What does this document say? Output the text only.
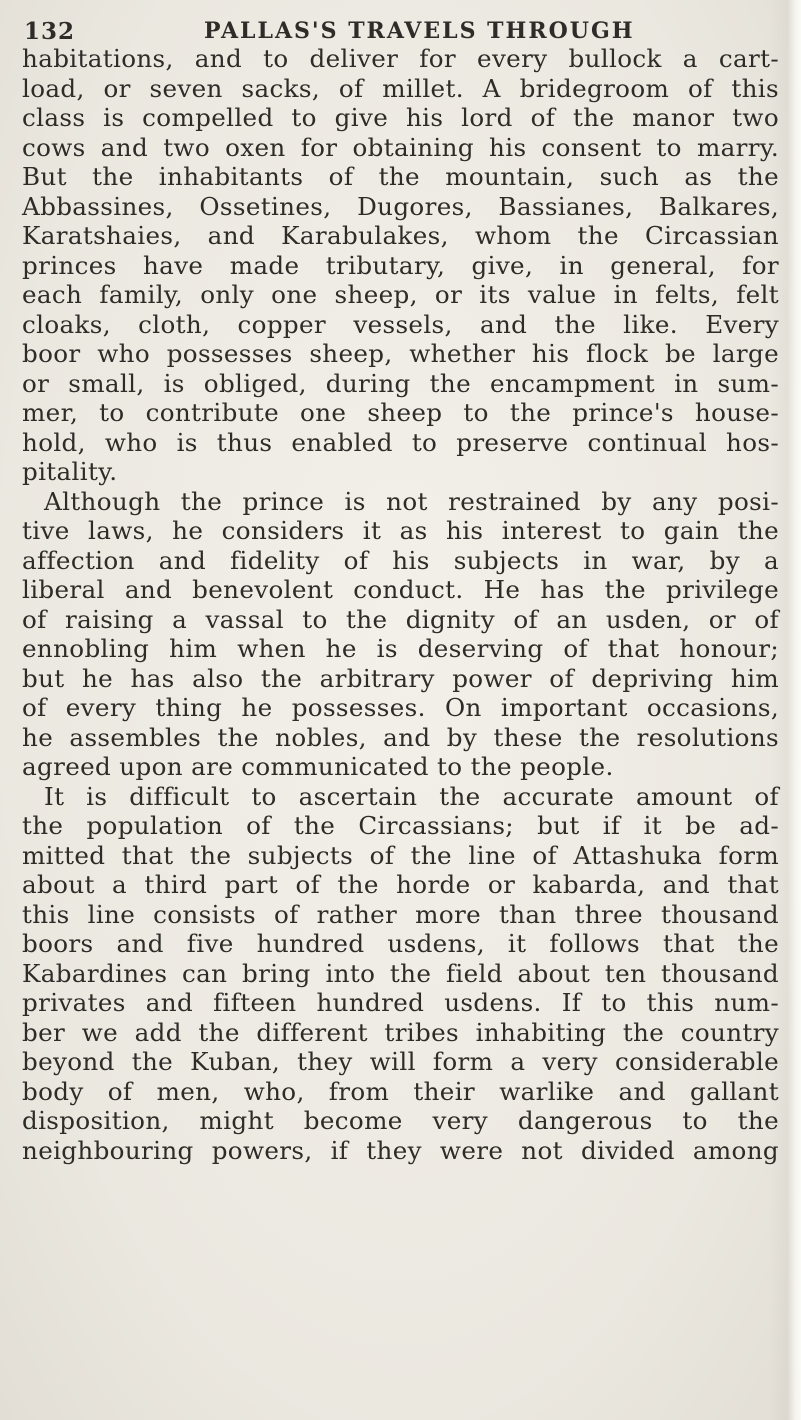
132	PALLAS'S TRAVELS THROUGH
habitations, and to deliver for every bullock a cart-
load, or seven sacks, of millet. A bridegroom of this
class is compelled to give his lord of the manor two
cows and two oxen for obtaining his consent to marry.
But the inhabitants of the mountain, such as the
Abbassines, Ossetines, Dugores, Bassianes, Balkares,
Karatshaies, and Karabulakes, whom the Circassian
princes have made tributary, give, in general, for
each family, only one sheep, or its value in felts, felt
cloaks, cloth, copper vessels, and the like. Every
boor who possesses sheep, whether his flock be large
or small, is obliged, during the encampment in sum-
mer, to contribute one sheep to the prince's house-
hold, who is thus enabled to preserve continual hos-
pitality.
Although the prince is not restrained by any posi-
tive laws, he considers it as his interest to gain the
affection and fidelity of his subjects in war, by a
liberal and benevolent conduct. He has the privilege
of raising a vassal to the dignity of an usden, or of
ennobling him when he is deserving of that honour;
but he has also the arbitrary power of depriving him
of every thing he possesses. On important occasions,
he assembles the nobles, and by these the resolutions
agreed upon are communicated to the people.
It is difficult to ascertain the accurate amount of
the population of the Circassians; but if it be ad-
mitted that the subjects of the line of Attashuka form
about a third part of the horde or kabarda, and that
this line consists of rather more than three thousand
boors and five hundred usdens, it follows that the
Kabardines can bring into the field about ten thousand
privates and fifteen hundred usdens. If to this num-
ber we add the different tribes inhabiting the country
beyond the Kuban, they will form a very considerable
body of men, who, from their warlike and gallant
disposition, might become very dangerous to the
neighbouring powers, if they were not divided among
